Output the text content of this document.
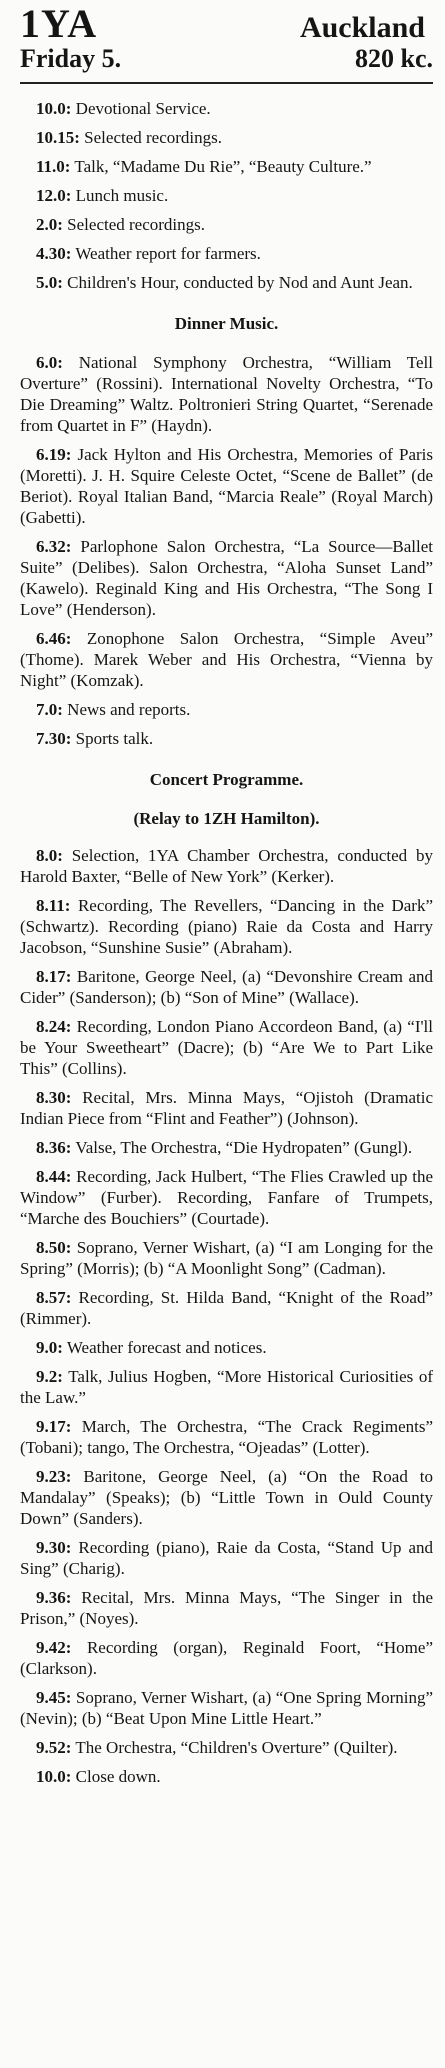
1YA	Auckland
Friday 5.	820 kc.

10.0: Devotional Service.

10.15: Selected recordings.

11.0: Talk, “Madame Du Rie”, “Beauty Culture.”

12.0: Lunch music.

2.0: Selected recordings.

4.30: Weather report for farmers.

5.0: Children's Hour, conducted by Nod and Aunt Jean.

Dinner Music.

6.0: National Symphony Orchestra, “William Tell Overture” (Rossini). International Novelty Orchestra, “To Die Dreaming” Waltz. Poltronieri String Quartet, “Serenade from Quartet in F” (Haydn).

6.19: Jack Hylton and His Orchestra, Memories of Paris (Moretti). J. H. Squire Celeste Octet, “Scene de Ballet” (de Beriot). Royal Italian Band, “Marcia Reale” (Royal March) (Gabetti).

6.32: Parlophone Salon Orchestra, “La Source—Ballet Suite” (Delibes). Salon Orchestra, “Aloha Sunset Land” (Kawelo). Reginald King and His Orchestra, “The Song I Love” (Henderson).

6.46: Zonophone Salon Orchestra, “Simple Aveu” (Thome). Marek Weber and His Orchestra, “Vienna by Night” (Komzak).

7.0: News and reports.

7.30: Sports talk.

Concert Programme.
(Relay to 1ZH Hamilton).

8.0: Selection, 1YA Chamber Orchestra, conducted by Harold Baxter, “Belle of New York” (Kerker).

8.11: Recording, The Revellers, “Dancing in the Dark” (Schwartz). Recording (piano) Raie da Costa and Harry Jacobson, “Sunshine Susie” (Abraham).

8.17: Baritone, George Neel, (a) “Devonshire Cream and Cider” (Sanderson); (b) “Son of Mine” (Wallace).

8.24: Recording, London Piano Accordeon Band, (a) “I'll be Your Sweetheart” (Dacre); (b) “Are We to Part Like This” (Collins).

8.30: Recital, Mrs. Minna Mays, “Ojistoh (Dramatic Indian Piece from “Flint and Feather”) (Johnson).

8.36: Valse, The Orchestra, “Die Hydropaten” (Gungl).

8.44: Recording, Jack Hulbert, “The Flies Crawled up the Window” (Furber). Recording, Fanfare of Trumpets, “Marche des Bouchiers” (Courtade).

8.50: Soprano, Verner Wishart, (a) “I am Longing for the Spring” (Morris); (b) “A Moonlight Song” (Cadman).

8.57: Recording, St. Hilda Band, “Knight of the Road” (Rimmer).

9.0: Weather forecast and notices.

9.2: Talk, Julius Hogben, “More Historical Curiosities of the Law.”

9.17: March, The Orchestra, “The Crack Regiments” (Tobani); tango, The Orchestra, “Ojeadas” (Lotter).

9.23: Baritone, George Neel, (a) “On the Road to Mandalay” (Speaks); (b) “Little Town in Ould County Down” (Sanders).

9.30: Recording (piano), Raie da Costa, “Stand Up and Sing” (Charig).

9.36: Recital, Mrs. Minna Mays, “The Singer in the Prison,” (Noyes).

9.42: Recording (organ), Reginald Foort, “Home” (Clarkson).

9.45: Soprano, Verner Wishart, (a) “One Spring Morning” (Nevin); (b) “Beat Upon Mine Little Heart.”

9.52: The Orchestra, “Children's Overture” (Quilter).

10.0: Close down.
